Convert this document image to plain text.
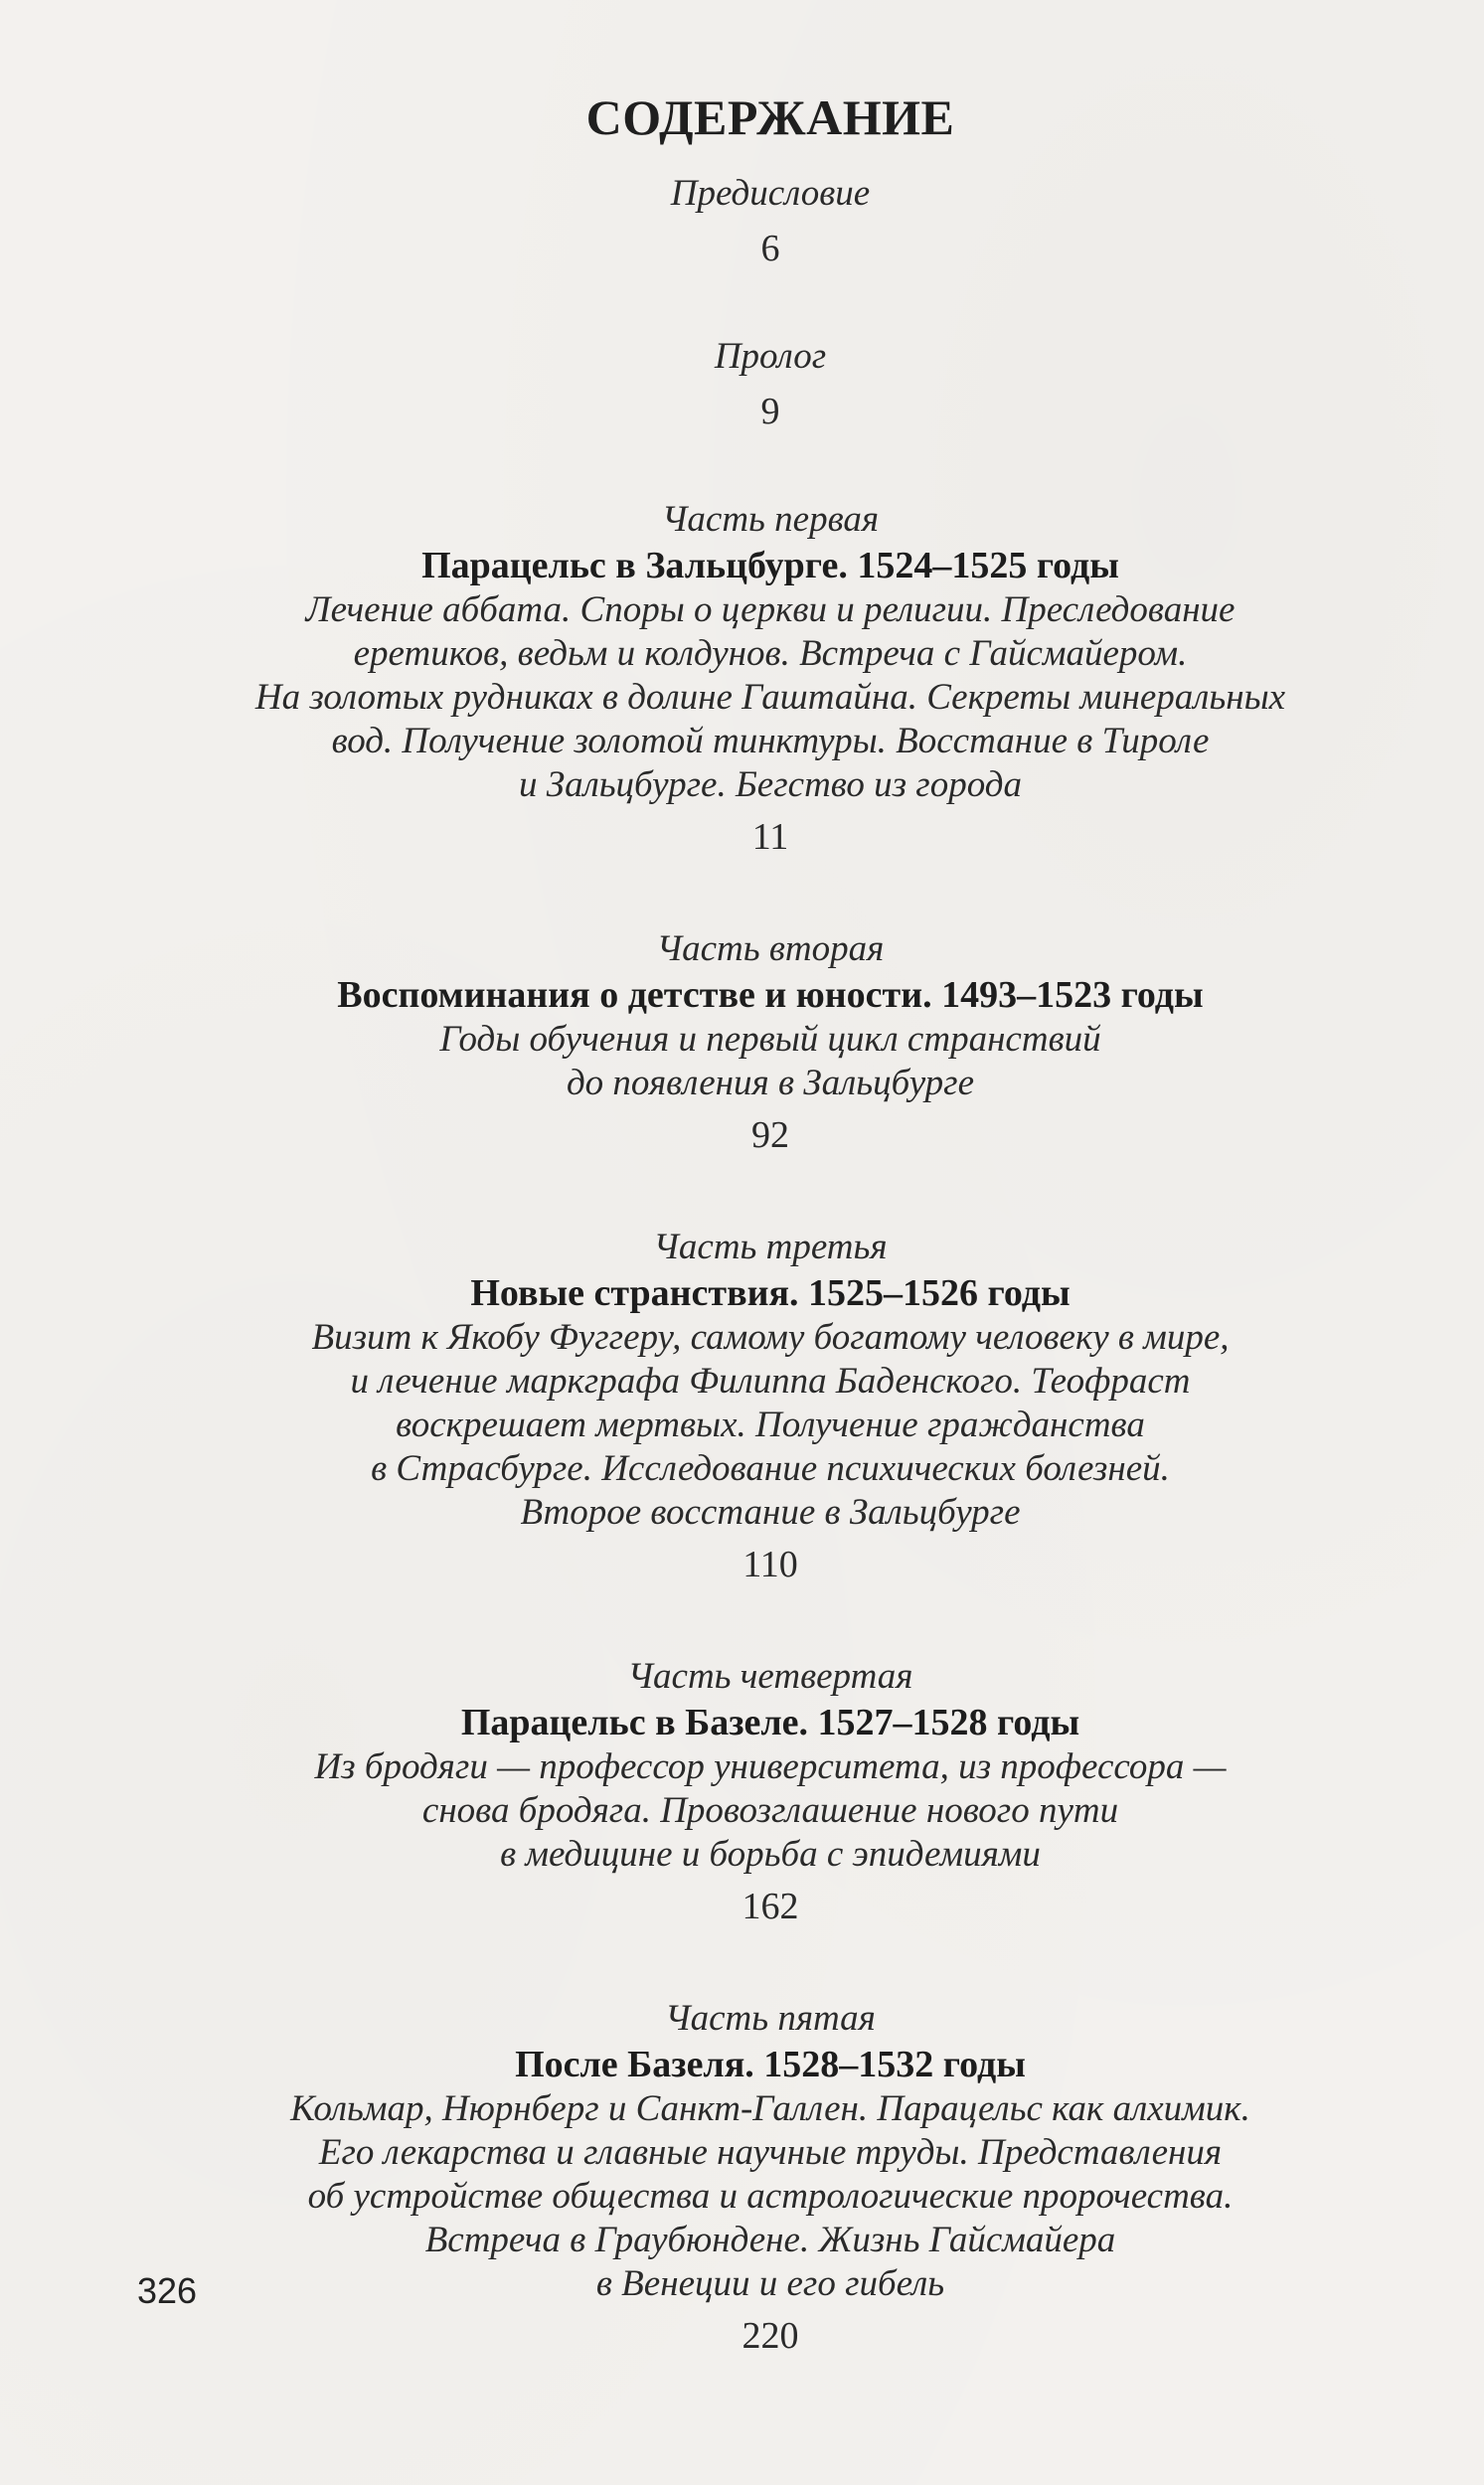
СОДЕРЖАНИЕ
Предисловие
6
Пролог
9
Часть первая
Парацельс в Зальцбурге. 1524–1525 годы
Лечение аббата. Споры о церкви и религии. Преследование
еретиков, ведьм и колдунов. Встреча с Гайсмайером.
На золотых рудниках в долине Гаштайна. Секреты минеральных
вод. Получение золотой тинктуры. Восстание в Тироле
и Зальцбурге. Бегство из города
11
Часть вторая
Воспоминания о детстве и юности. 1493–1523 годы
Годы обучения и первый цикл странствий
до появления в Зальцбурге
92
Часть третья
Новые странствия. 1525–1526 годы
Визит к Якобу Фуггеру, самому богатому человеку в мире,
и лечение маркграфа Филиппа Баденского. Теофраст
воскрешает мертвых. Получение гражданства
в Страсбурге. Исследование психических болезней.
Второе восстание в Зальцбурге
110
Часть четвертая
Парацельс в Базеле. 1527–1528 годы
Из бродяги — профессор университета, из профессора —
снова бродяга. Провозглашение нового пути
в медицине и борьба с эпидемиями
162
Часть пятая
После Базеля. 1528–1532 годы
Кольмар, Нюрнберг и Санкт-Галлен. Парацельс как алхимик.
Его лекарства и главные научные труды. Представления
об устройстве общества и астрологические пророчества.
Встреча в Граубюндене. Жизнь Гайсмайера
в Венеции и его гибель
220
326
